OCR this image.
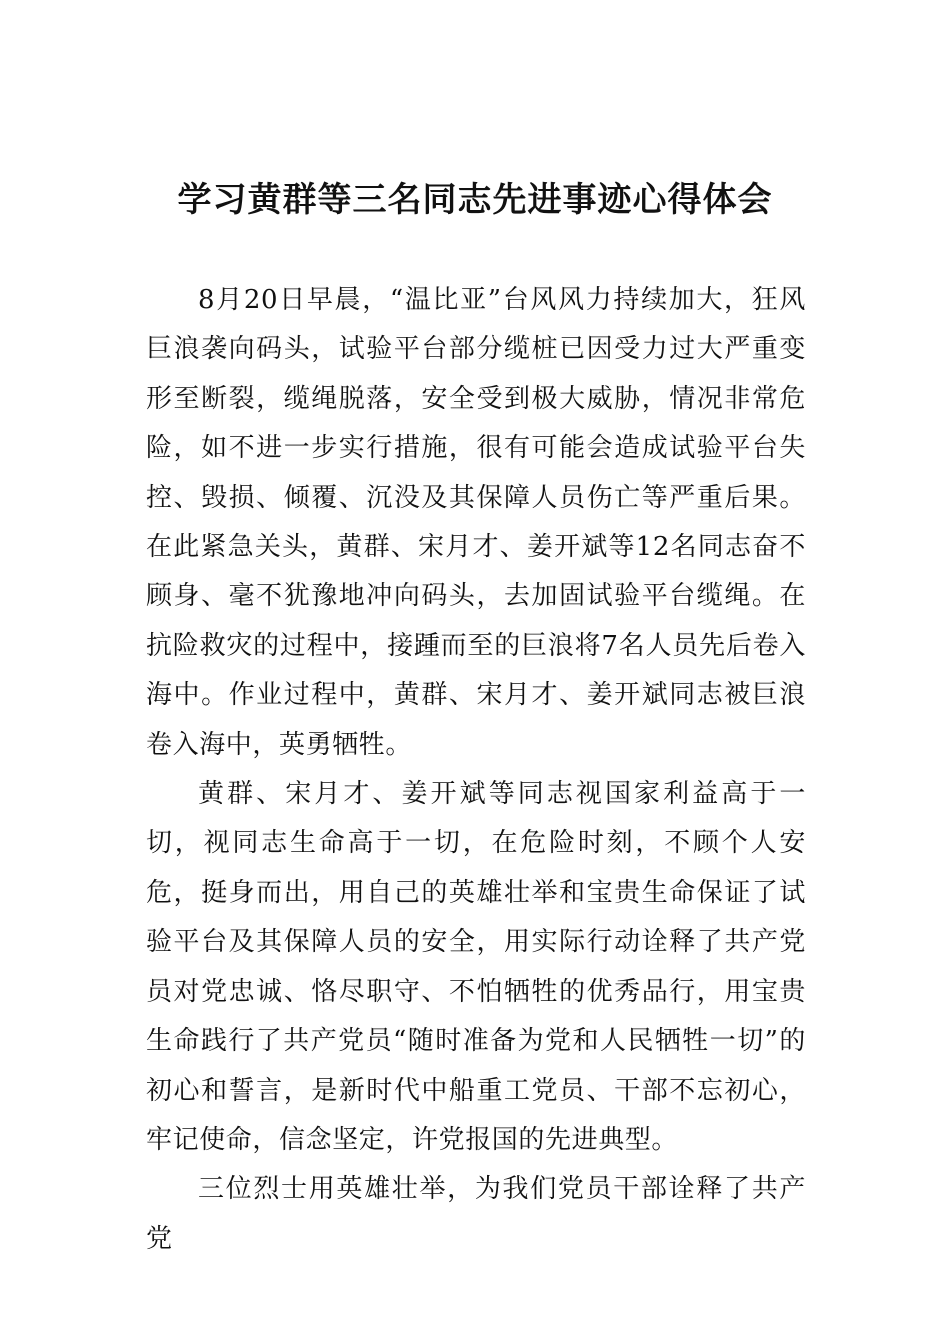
学习黄群等三名同志先进事迹心得体会

8月20日早晨，“温比亚”台风风力持续加大，狂风巨浪袭向码头，试验平台部分缆桩已因受力过大严重变形至断裂，缆绳脱落，安全受到极大威胁，情况非常危险，如不进一步实行措施，很有可能会造成试验平台失控、毁损、倾覆、沉没及其保障人员伤亡等严重后果。在此紧急关头，黄群、宋月才、姜开斌等12名同志奋不顾身、毫不犹豫地冲向码头，去加固试验平台缆绳。在抗险救灾的过程中，接踵而至的巨浪将7名人员先后卷入海中。作业过程中，黄群、宋月才、姜开斌同志被巨浪卷入海中，英勇牺牲。

黄群、宋月才、姜开斌等同志视国家利益高于一切，视同志生命高于一切，在危险时刻，不顾个人安危，挺身而出，用自己的英雄壮举和宝贵生命保证了试验平台及其保障人员的安全，用实际行动诠释了共产党员对党忠诚、恪尽职守、不怕牺牲的优秀品行，用宝贵生命践行了共产党员“随时准备为党和人民牺牲一切”的初心和誓言，是新时代中船重工党员、干部不忘初心，牢记使命，信念坚定，许党报国的先进典型。

三位烈士用英雄壮举，为我们党员干部诠释了共产党
